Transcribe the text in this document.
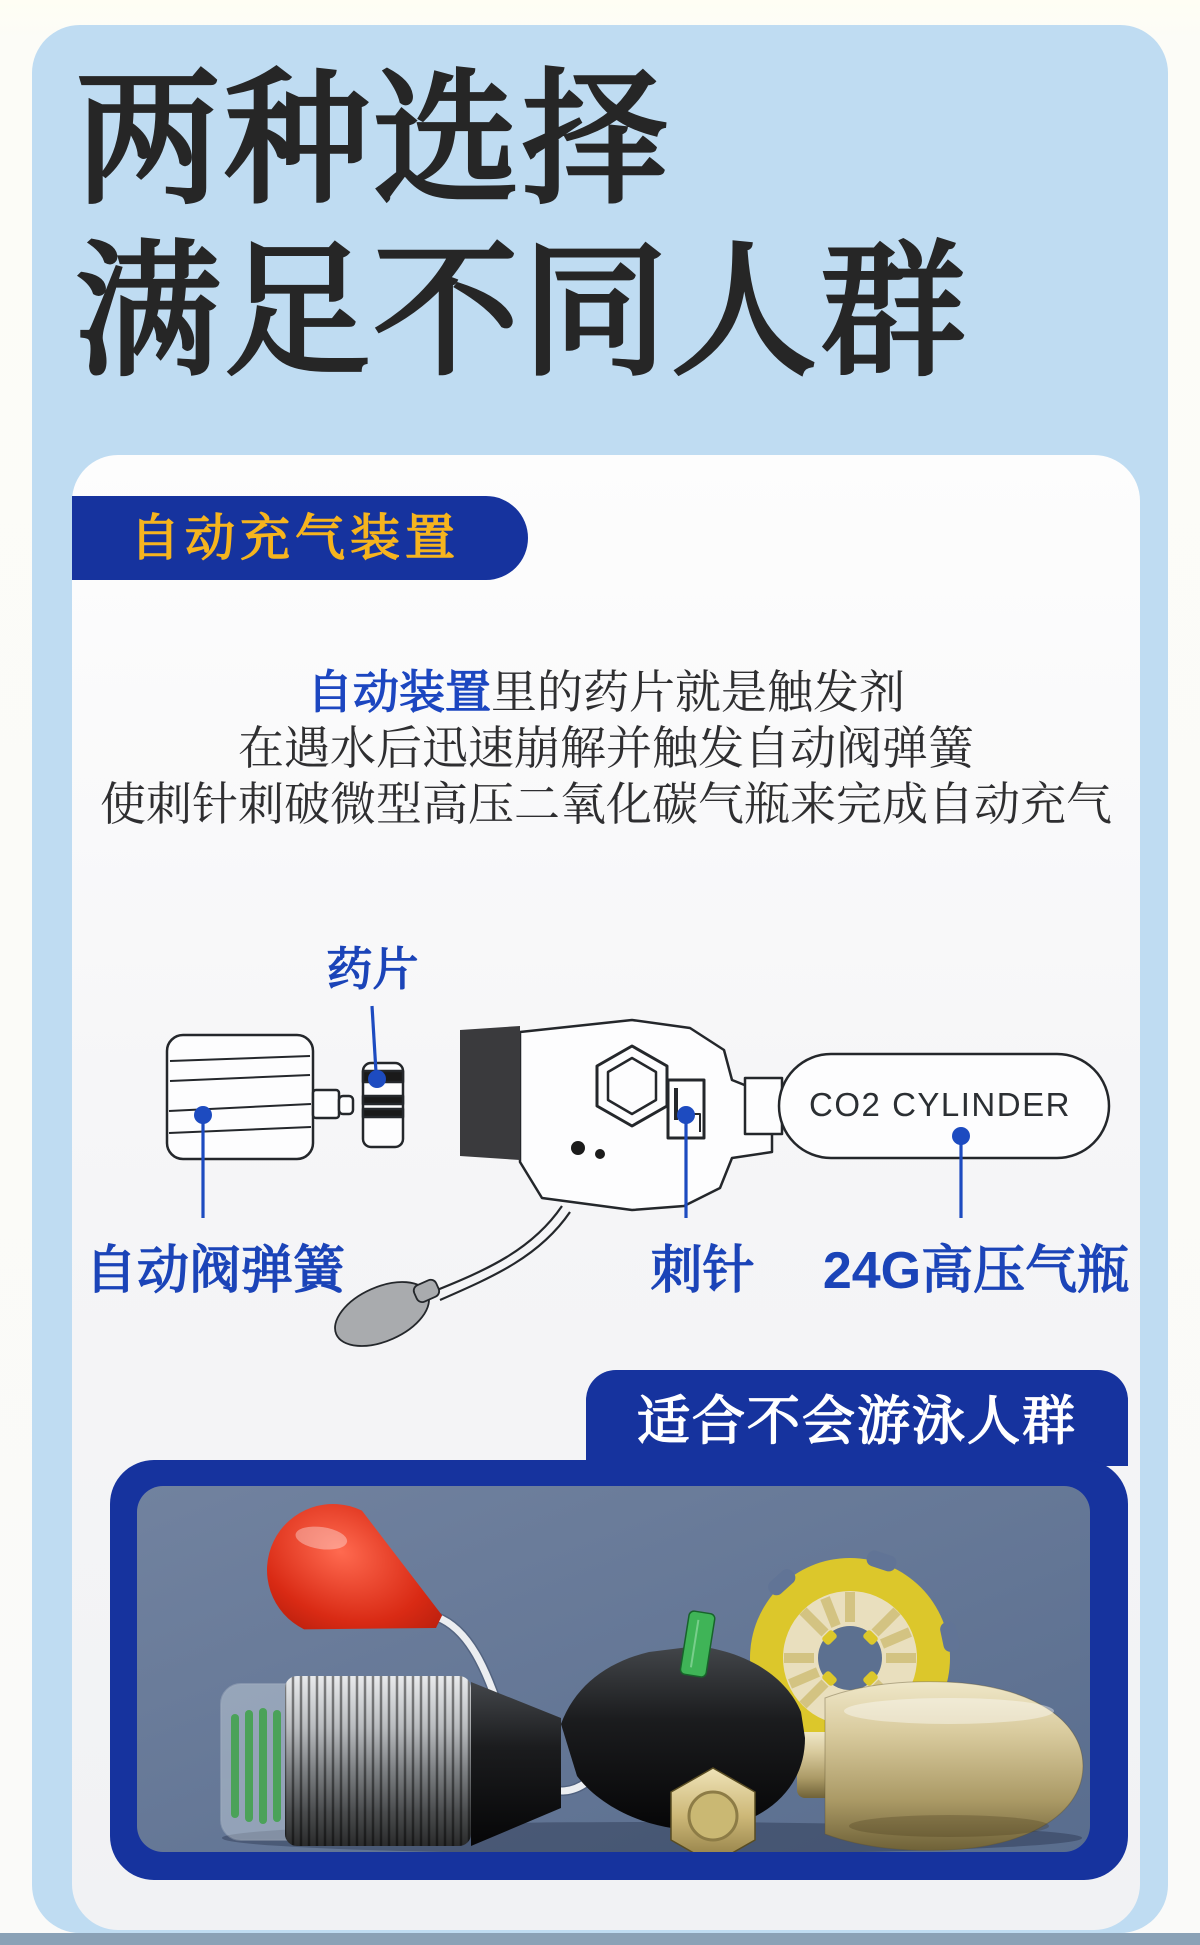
两种选择
满足不同人群
自动充气装置
自动装置里的药片就是触发剂
在遇水后迅速崩解并触发自动阀弹簧
使刺针刺破微型高压二氧化碳气瓶来完成自动充气
药片
自动阀弹簧	刺针	24G高压气瓶
CO2 CYLINDER
适合不会游泳人群
